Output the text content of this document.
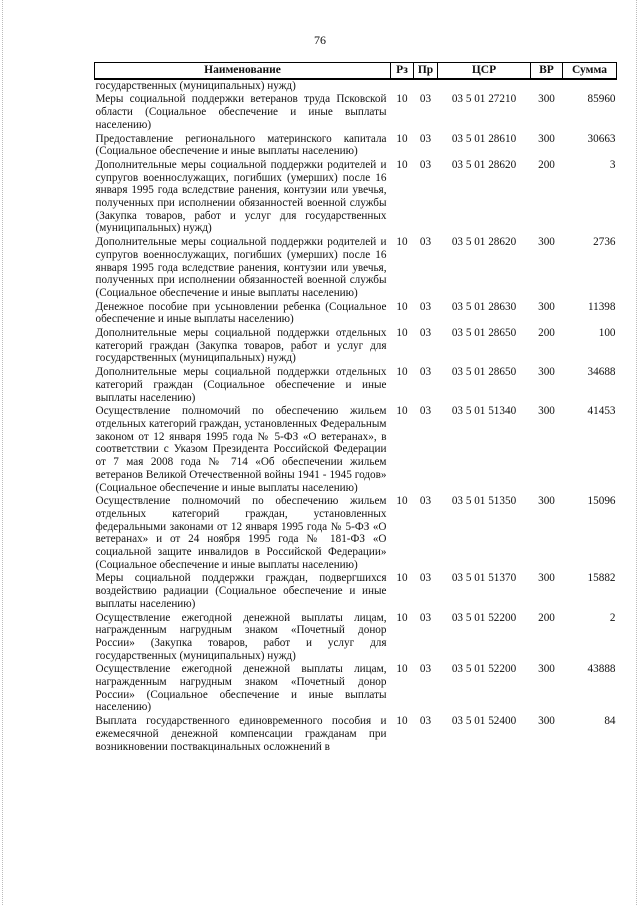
76
Наименование	Рз	Пр	ЦСР	ВР	Сумма
государственных (муниципальных) нужд)					
Меры социальной поддержки ветеранов труда Псковской области (Социальное обеспечение и иные выплаты населению)	10	03	03 5 01 27210	300	85960
Предоставление регионального материнского капитала (Социальное обеспечение и иные выплаты населению)	10	03	03 5 01 28610	300	30663
Дополнительные меры социальной поддержки родителей и супругов военнослужащих, погибших (умерших) после 16 января 1995 года вследствие ранения, контузии или увечья, полученных при исполнении обязанностей военной службы (Закупка товаров, работ и услуг для государственных (муниципальных) нужд)	10	03	03 5 01 28620	200	3
Дополнительные меры социальной поддержки родителей и супругов военнослужащих, погибших (умерших) после 16 января 1995 года вследствие ранения, контузии или увечья, полученных при исполнении обязанностей военной службы (Социальное обеспечение и иные выплаты населению)	10	03	03 5 01 28620	300	2736
Денежное пособие при усыновлении ребенка (Социальное обеспечение и иные выплаты населению)	10	03	03 5 01 28630	300	11398
Дополнительные меры социальной поддержки отдельных категорий граждан (Закупка товаров, работ и услуг для государственных (муниципальных) нужд)	10	03	03 5 01 28650	200	100
Дополнительные меры социальной поддержки отдельных категорий граждан (Социальное обеспечение и иные выплаты населению)	10	03	03 5 01 28650	300	34688
Осуществление полномочий по обеспечению жильем отдельных категорий граждан, установленных Федеральным законом от 12 января 1995 года № 5-ФЗ «О ветеранах», в соответствии с Указом Президента Российской Федерации от 7 мая 2008 года № 714 «Об обеспечении жильем ветеранов Великой Отечественной войны 1941 - 1945 годов» (Социальное обеспечение и иные выплаты населению)	10	03	03 5 01 51340	300	41453
Осуществление полномочий по обеспечению жильем отдельных категорий граждан, установленных федеральными законами от 12 января 1995 года № 5-ФЗ «О ветеранах» и от 24 ноября 1995 года № 181-ФЗ «О социальной защите инвалидов в Российской Федерации» (Социальное обеспечение и иные выплаты населению)	10	03	03 5 01 51350	300	15096
Меры социальной поддержки граждан, подвергшихся воздействию радиации (Социальное обеспечение и иные выплаты населению)	10	03	03 5 01 51370	300	15882
Осуществление ежегодной денежной выплаты лицам, награжденным нагрудным знаком «Почетный донор России» (Закупка товаров, работ и услуг для государственных (муниципальных) нужд)	10	03	03 5 01 52200	200	2
Осуществление ежегодной денежной выплаты лицам, награжденным нагрудным знаком «Почетный донор России» (Социальное обеспечение и иные выплаты населению)	10	03	03 5 01 52200	300	43888
Выплата государственного единовременного пособия и ежемесячной денежной компенсации гражданам при возникновении поствакцинальных осложнений в	10	03	03 5 01 52400	300	84
